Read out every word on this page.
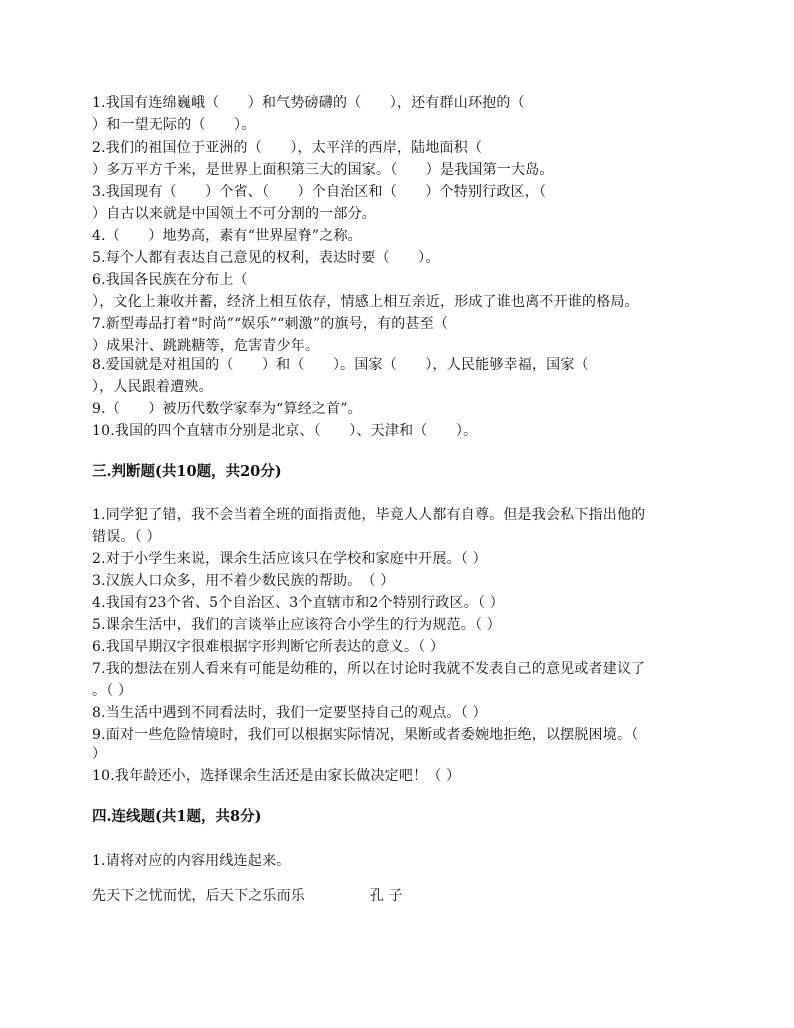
1.我国有连绵巍峨（　　）和气势磅礴的（　　），还有群山环抱的（
）和一望无际的（　　）。
2.我们的祖国位于亚洲的（　　），太平洋的西岸，陆地面积（
）多万平方千米，是世界上面积第三大的国家。（　　）是我国第一大岛。
3.我国现有（　　）个省、（　　）个自治区和（　　）个特别行政区，（
）自古以来就是中国领土不可分割的一部分。
4.（　　）地势高，素有“世界屋脊”之称。
5.每个人都有表达自己意见的权利，表达时要（　　）。
6.我国各民族在分布上（
），文化上兼收并蓄，经济上相互依存，情感上相互亲近，形成了谁也离不开谁的格局。
7.新型毒品打着“时尚”“娱乐”“刺激”的旗号，有的甚至（
）成果汁、跳跳糖等，危害青少年。
8.爱国就是对祖国的（　　）和（　　）。国家（　　），人民能够幸福，国家（
），人民跟着遭殃。
9.（　　）被历代数学家奉为“算经之首”。
10.我国的四个直辖市分别是北京、（　　）、天津和（　　）。
三.判断题(共10题，共20分)
1.同学犯了错，我不会当着全班的面指责他，毕竟人人都有自尊。但是我会私下指出他的
错误。（ ）
2.对于小学生来说，课余生活应该只在学校和家庭中开展。（ ）
3.汉族人口众多，用不着少数民族的帮助。　（ ）
4.我国有23个省、5个自治区、3个直辖市和2个特别行政区。（ ）
5.课余生活中，我们的言谈举止应该符合小学生的行为规范。（ ）
6.我国早期汉字很难根据字形判断它所表达的意义。（ ）
7.我的想法在别人看来有可能是幼稚的，所以在讨论时我就不发表自己的意见或者建议了
。（ ）
8.当生活中遇到不同看法时，我们一定要坚持自己的观点。（ ）
9.面对一些危险情境时，我们可以根据实际情况，果断或者委婉地拒绝，以摆脱困境。（
）
10.我年龄还小，选择课余生活还是由家长做决定吧！（ ）
四.连线题(共1题，共8分)
1.请将对应的内容用线连起来。
先天下之忧而忧，后天下之乐而乐	孔 子
